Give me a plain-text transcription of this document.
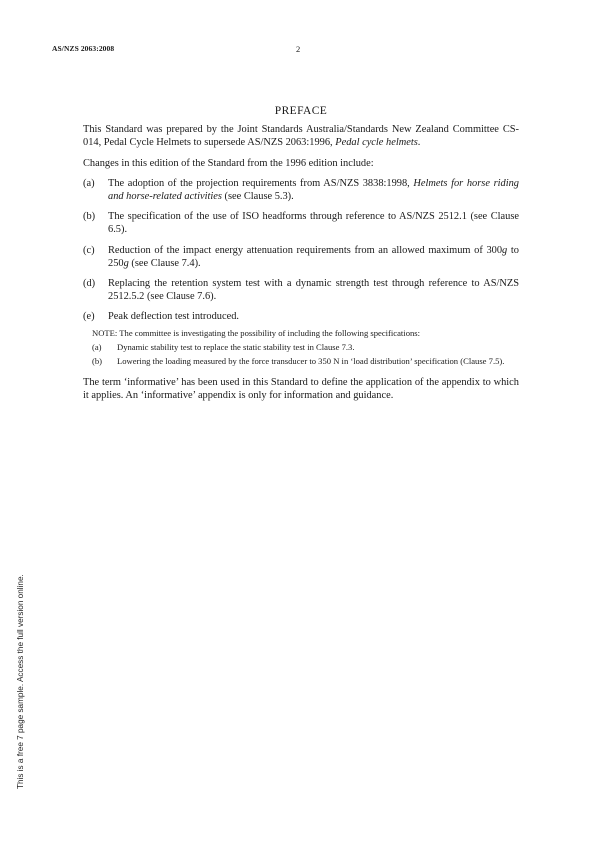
AS/NZS 2063:2008	2
PREFACE

This Standard was prepared by the Joint Standards Australia/Standards New Zealand Committee CS-014, Pedal Cycle Helmets to supersede AS/NZS 2063:1996, Pedal cycle helmets.

Changes in this edition of the Standard from the 1996 edition include:

(a)	The adoption of the projection requirements from AS/NZS 3838:1998, Helmets for horse riding and horse-related activities (see Clause 5.3).
(b)	The specification of the use of ISO headforms through reference to AS/NZS 2512.1 (see Clause 6.5).
(c)	Reduction of the impact energy attenuation requirements from an allowed maximum of 300g to 250g (see Clause 7.4).
(d)	Replacing the retention system test with a dynamic strength test through reference to AS/NZS 2512.5.2 (see Clause 7.6).
(e)	Peak deflection test introduced.
NOTE: The committee is investigating the possibility of including the following specifications:
(a)	Dynamic stability test to replace the static stability test in Clause 7.3.
(b)	Lowering the loading measured by the force transducer to 350 N in ‘load distribution’ specification (Clause 7.5).

The term ‘informative’ has been used in this Standard to define the application of the appendix to which it applies. An ‘informative’ appendix is only for information and guidance.

This is a free 7 page sample. Access the full version online.
